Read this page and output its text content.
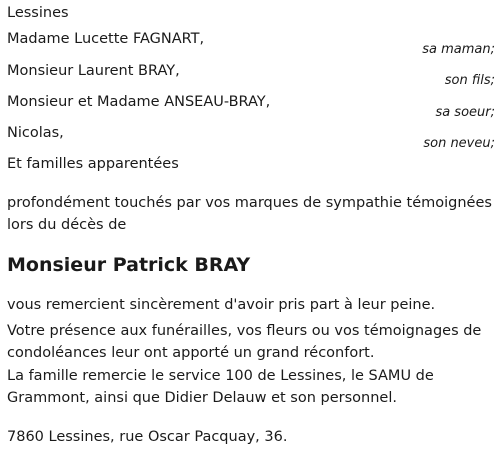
Lessines
Madame Lucette FAGNART,
sa maman;
Monsieur Laurent BRAY,
son fils;
Monsieur et Madame ANSEAU-BRAY,
sa soeur;
Nicolas,
son neveu;
Et familles apparentées
profondément touchés par vos marques de sympathie témoignées lors du décès de
Monsieur Patrick BRAY
vous remercient sincèrement d'avoir pris part à leur peine.
Votre présence aux funérailles, vos fleurs ou vos témoignages de condoléances leur ont apporté un grand réconfort.
La famille remercie le service 100 de Lessines, le SAMU de Grammont, ainsi que Didier Delauw et son personnel.
7860 Lessines, rue Oscar Pacquay, 36.
